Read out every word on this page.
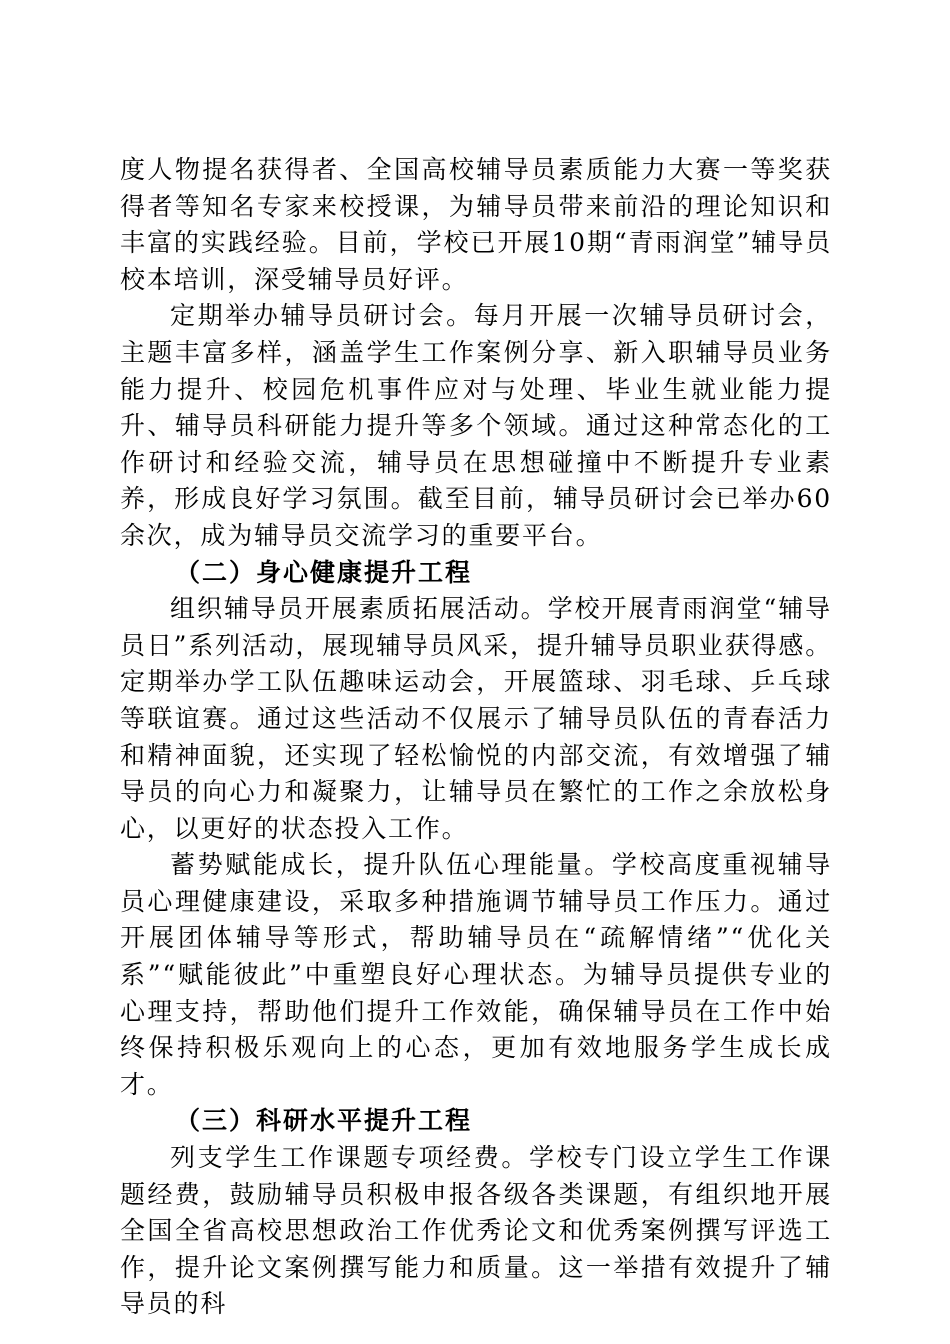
度人物提名获得者、全国高校辅导员素质能力大赛一等奖获得者等知名专家来校授课，为辅导员带来前沿的理论知识和丰富的实践经验。目前，学校已开展10期“青雨润堂”辅导员校本培训，深受辅导员好评。

定期举办辅导员研讨会。每月开展一次辅导员研讨会，主题丰富多样，涵盖学生工作案例分享、新入职辅导员业务能力提升、校园危机事件应对与处理、毕业生就业能力提升、辅导员科研能力提升等多个领域。通过这种常态化的工作研讨和经验交流，辅导员在思想碰撞中不断提升专业素养，形成良好学习氛围。截至目前，辅导员研讨会已举办60余次，成为辅导员交流学习的重要平台。

（二）身心健康提升工程

组织辅导员开展素质拓展活动。学校开展青雨润堂“辅导员日”系列活动，展现辅导员风采，提升辅导员职业获得感。定期举办学工队伍趣味运动会，开展篮球、羽毛球、乒乓球等联谊赛。通过这些活动不仅展示了辅导员队伍的青春活力和精神面貌，还实现了轻松愉悦的内部交流，有效增强了辅导员的向心力和凝聚力，让辅导员在繁忙的工作之余放松身心，以更好的状态投入工作。

蓄势赋能成长，提升队伍心理能量。学校高度重视辅导员心理健康建设，采取多种措施调节辅导员工作压力。通过开展团体辅导等形式，帮助辅导员在“疏解情绪”“优化关系”“赋能彼此”中重塑良好心理状态。为辅导员提供专业的心理支持，帮助他们提升工作效能，确保辅导员在工作中始终保持积极乐观向上的心态，更加有效地服务学生成长成才。

（三）科研水平提升工程

列支学生工作课题专项经费。学校专门设立学生工作课题经费，鼓励辅导员积极申报各级各类课题，有组织地开展全国全省高校思想政治工作优秀论文和优秀案例撰写评选工作，提升论文案例撰写能力和质量。这一举措有效提升了辅导员的科
